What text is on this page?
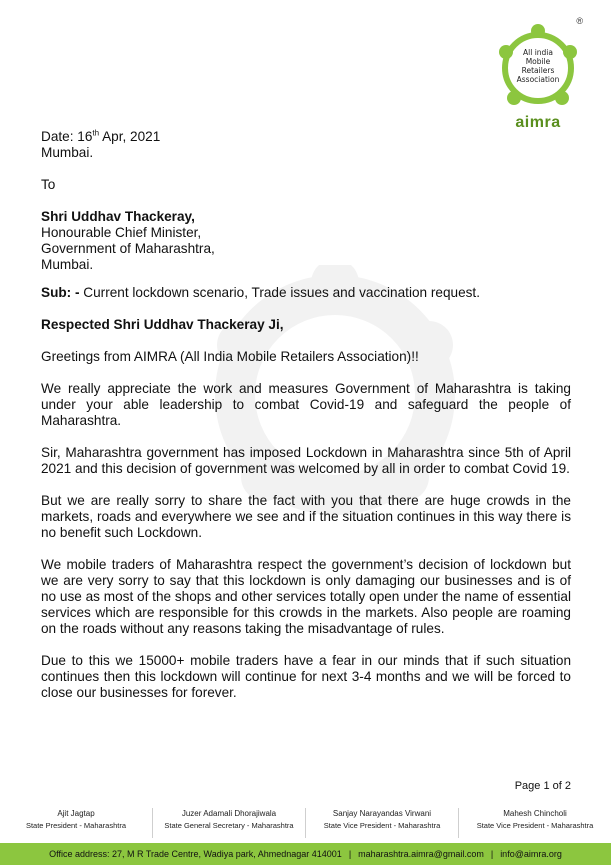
®
All india
Mobile
Retailers
Association
aimra

Date: 16th Apr, 2021

Mumbai.

To

Shri Uddhav Thackeray,

Honourable Chief Minister,

Government of Maharashtra,

Mumbai.

Sub: - Current lockdown scenario, Trade issues and vaccination request.

Respected Shri Uddhav Thackeray Ji,

Greetings from AIMRA (All India Mobile Retailers Association)!!

We really appreciate the work and measures Government of Maharashtra is taking under your able leadership to combat Covid-19 and safeguard the people of Maharashtra.

Sir, Maharashtra government has imposed Lockdown in Maharashtra since 5th of April 2021 and this decision of government was welcomed by all in order to combat Covid 19.

But we are really sorry to share the fact with you that there are huge crowds in the markets, roads and everywhere we see and if the situation continues in this way there is no benefit such Lockdown.

We mobile traders of Maharashtra respect the government’s decision of lockdown but we are very sorry to say that this lockdown is only damaging our businesses and is of no use as most of the shops and other services totally open under the name of essential services which are responsible for this crowds in the markets. Also people are roaming on the roads without any reasons taking the misadvantage of rules.

Due to this we 15000+ mobile traders have a fear in our minds that if such situation continues then this lockdown will continue for next 3-4 months and we will be forced to close our businesses for forever.

Page 1 of 2
Ajit Jagtap
State President - Maharashtra
Juzer Adamali Dhorajiwala
State General Secretary - Maharashtra
Sanjay Narayandas Virwani
State Vice President - Maharashtra
Mahesh Chincholi
State Vice President - Maharashtra
Office address: 27, M R Trade Centre, Wadiya park, Ahmednagar 414001 | maharashtra.aimra@gmail.com | info@aimra.org
